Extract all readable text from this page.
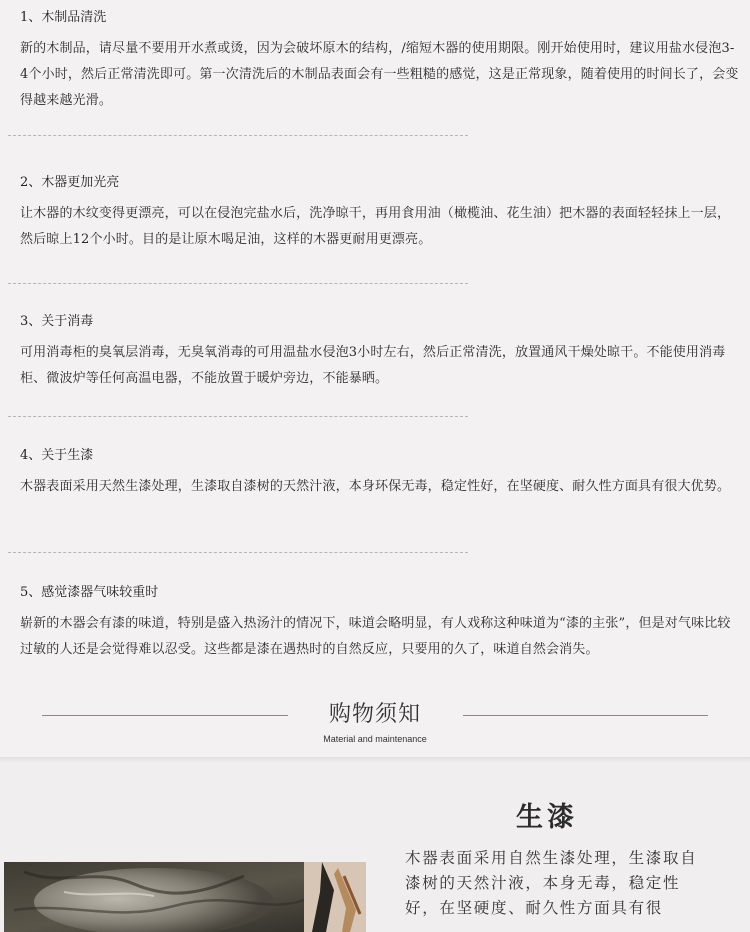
1、木制品清洗

新的木制品，请尽量不要用开水煮或烫，因为会破坏原木的结构，/缩短木器的使用期限。刚开始使用时，建议用盐水侵泡3-4个小时，然后正常清洗即可。第一次清洗后的木制品表面会有一些粗糙的感觉，这是正常现象，随着使用的时间长了，会变得越来越光滑。

2、木器更加光亮

让木器的木纹变得更漂亮，可以在侵泡完盐水后，洗净晾干，再用食用油（橄榄油、花生油）把木器的表面轻轻抹上一层，然后晾上12个小时。目的是让原木喝足油，这样的木器更耐用更漂亮。

3、关于消毒

可用消毒柜的臭氧层消毒，无臭氧消毒的可用温盐水侵泡3小时左右，然后正常清洗，放置通风干燥处晾干。不能使用消毒柜、微波炉等任何高温电器，不能放置于暖炉旁边，不能暴晒。

4、关于生漆

木器表面采用天然生漆处理，生漆取自漆树的天然汁液，本身环保无毒，稳定性好，在坚硬度、耐久性方面具有很大优势。

5、感觉漆器气味较重时

崭新的木器会有漆的味道，特别是盛入热汤汁的情况下，味道会略明显，有人戏称这种味道为“漆的主张”，但是对气味比较过敏的人还是会觉得难以忍受。这些都是漆在遇热时的自然反应，只要用的久了，味道自然会消失。

购物须知
Material and maintenance
生漆

木器表面采用自然生漆处理，生漆取自漆树的天然汁液，本身无毒，稳定性好，在坚硬度、耐久性方面具有很
